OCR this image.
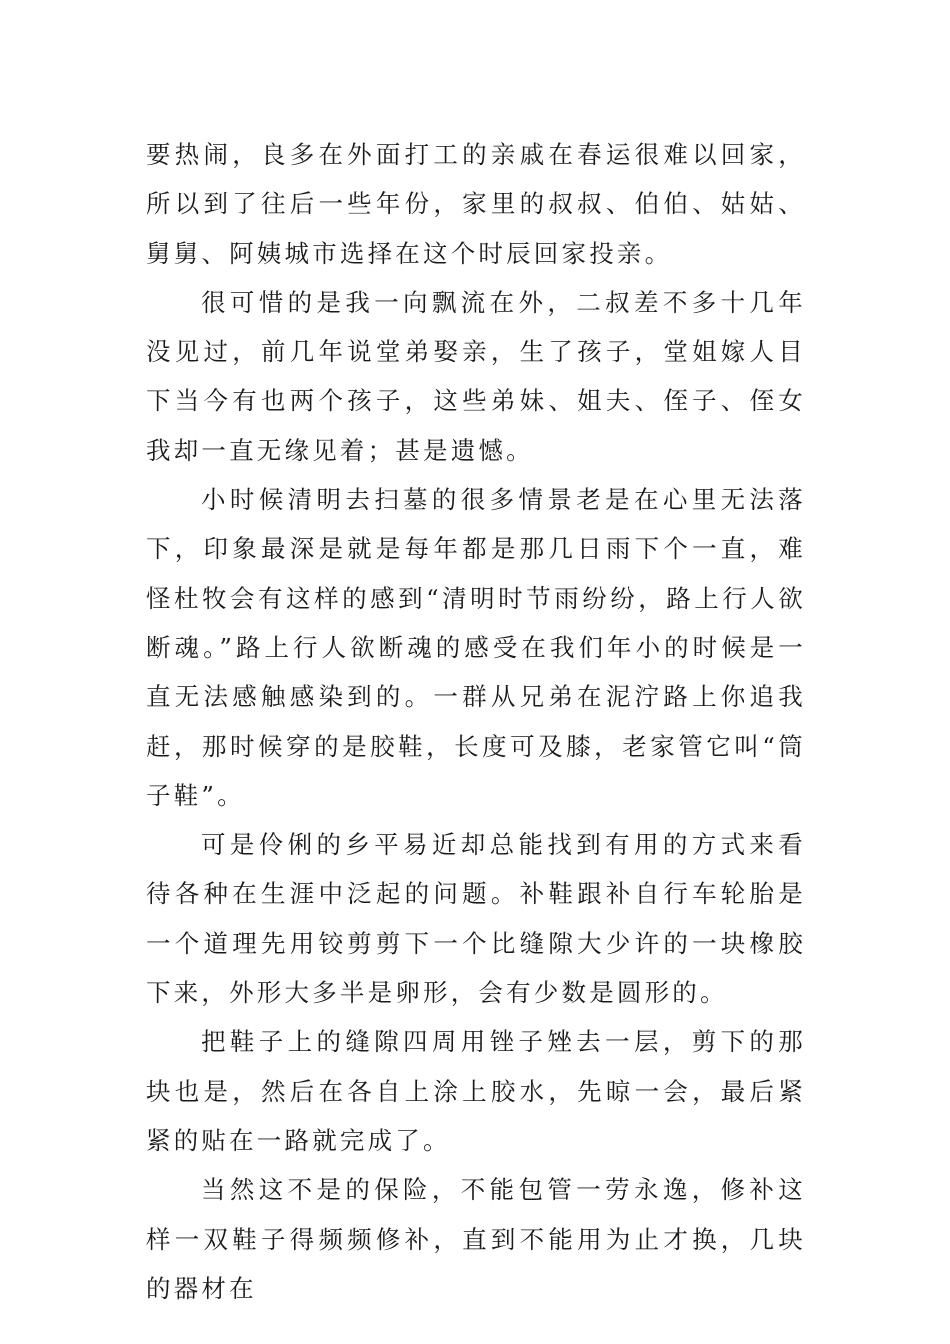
要热闹，良多在外面打工的亲戚在春运很难以回家，所以到了往后一些年份，家里的叔叔、伯伯、姑姑、舅舅、阿姨城市选择在这个时辰回家投亲。

很可惜的是我一向飘流在外，二叔差不多十几年没见过，前几年说堂弟娶亲，生了孩子，堂姐嫁人目下当今有也两个孩子，这些弟妹、姐夫、侄子、侄女我却一直无缘见着；甚是遗憾。

小时候清明去扫墓的很多情景老是在心里无法落下，印象最深是就是每年都是那几日雨下个一直，难怪杜牧会有这样的感到“清明时节雨纷纷，路上行人欲断魂。”路上行人欲断魂的感受在我们年小的时候是一直无法感触感染到的。一群从兄弟在泥泞路上你追我赶，那时候穿的是胶鞋，长度可及膝，老家管它叫“筒子鞋”。

可是伶俐的乡平易近却总能找到有用的方式来看待各种在生涯中泛起的问题。补鞋跟补自行车轮胎是一个道理先用铰剪剪下一个比缝隙大少许的一块橡胶下来，外形大多半是卵形，会有少数是圆形的。

把鞋子上的缝隙四周用锉子矬去一层，剪下的那块也是，然后在各自上涂上胶水，先晾一会，最后紧紧的贴在一路就完成了。

当然这不是的保险，不能包管一劳永逸，修补这样一双鞋子得频频修补，直到不能用为止才换，几块的器材在
